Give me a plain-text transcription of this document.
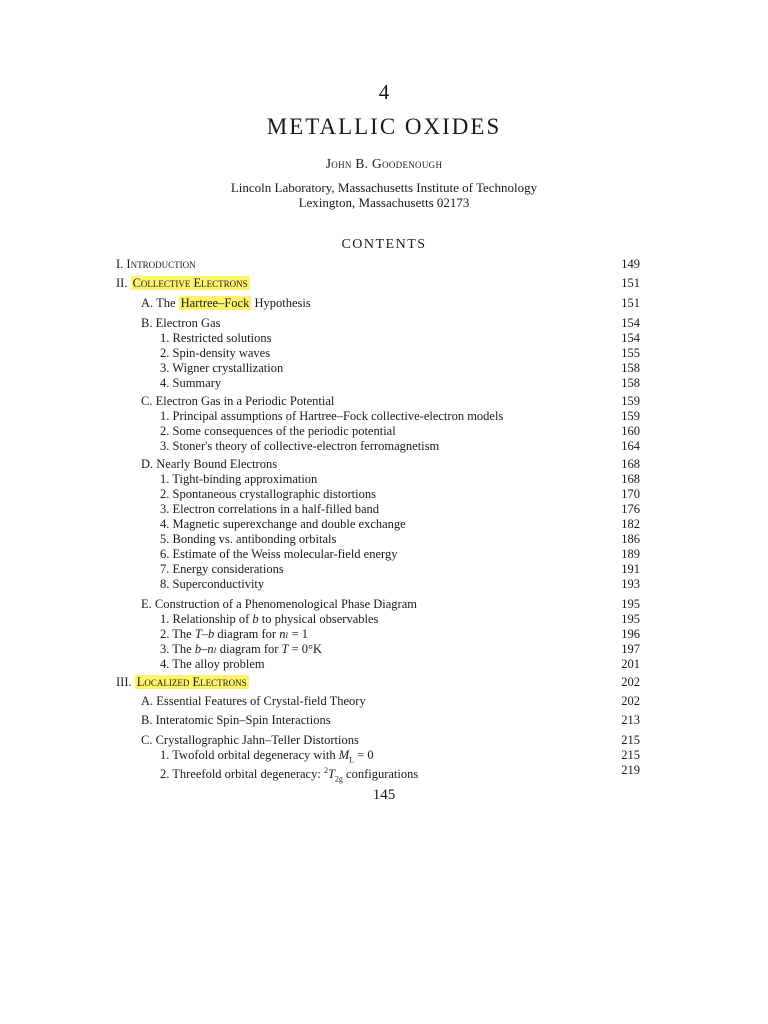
4
METALLIC OXIDES
John B. Goodenough
Lincoln Laboratory, Massachusetts Institute of Technology
Lexington, Massachusetts 02173
CONTENTS
I. Introduction	149
II. Collective Electrons	151
A. The Hartree–Fock Hypothesis	151
B. Electron Gas	154
1. Restricted solutions	154
2. Spin-density waves	155
3. Wigner crystallization	158
4. Summary	158
C. Electron Gas in a Periodic Potential	159
1. Principal assumptions of Hartree–Fock collective-electron models	159
2. Some consequences of the periodic potential	160
3. Stoner's theory of collective-electron ferromagnetism	164
D. Nearly Bound Electrons	168
1. Tight-binding approximation	168
2. Spontaneous crystallographic distortions	170
3. Electron correlations in a half-filled band	176
4. Magnetic superexchange and double exchange	182
5. Bonding vs. antibonding orbitals	186
6. Estimate of the Weiss molecular-field energy	189
7. Energy considerations	191
8. Superconductivity	193
E. Construction of a Phenomenological Phase Diagram	195
1. Relationship of b to physical observables	195
2. The T–b diagram for nₗ = 1	196
3. The b–nₗ diagram for T = 0°K	197
4. The alloy problem	201
III. Localized Electrons	202
A. Essential Features of Crystal-field Theory	202
B. Interatomic Spin–Spin Interactions	213
C. Crystallographic Jahn–Teller Distortions	215
1. Twofold orbital degeneracy with $M_L = 0$	215
2. Threefold orbital degeneracy: $^2T_{2g}$ configurations	219
145
